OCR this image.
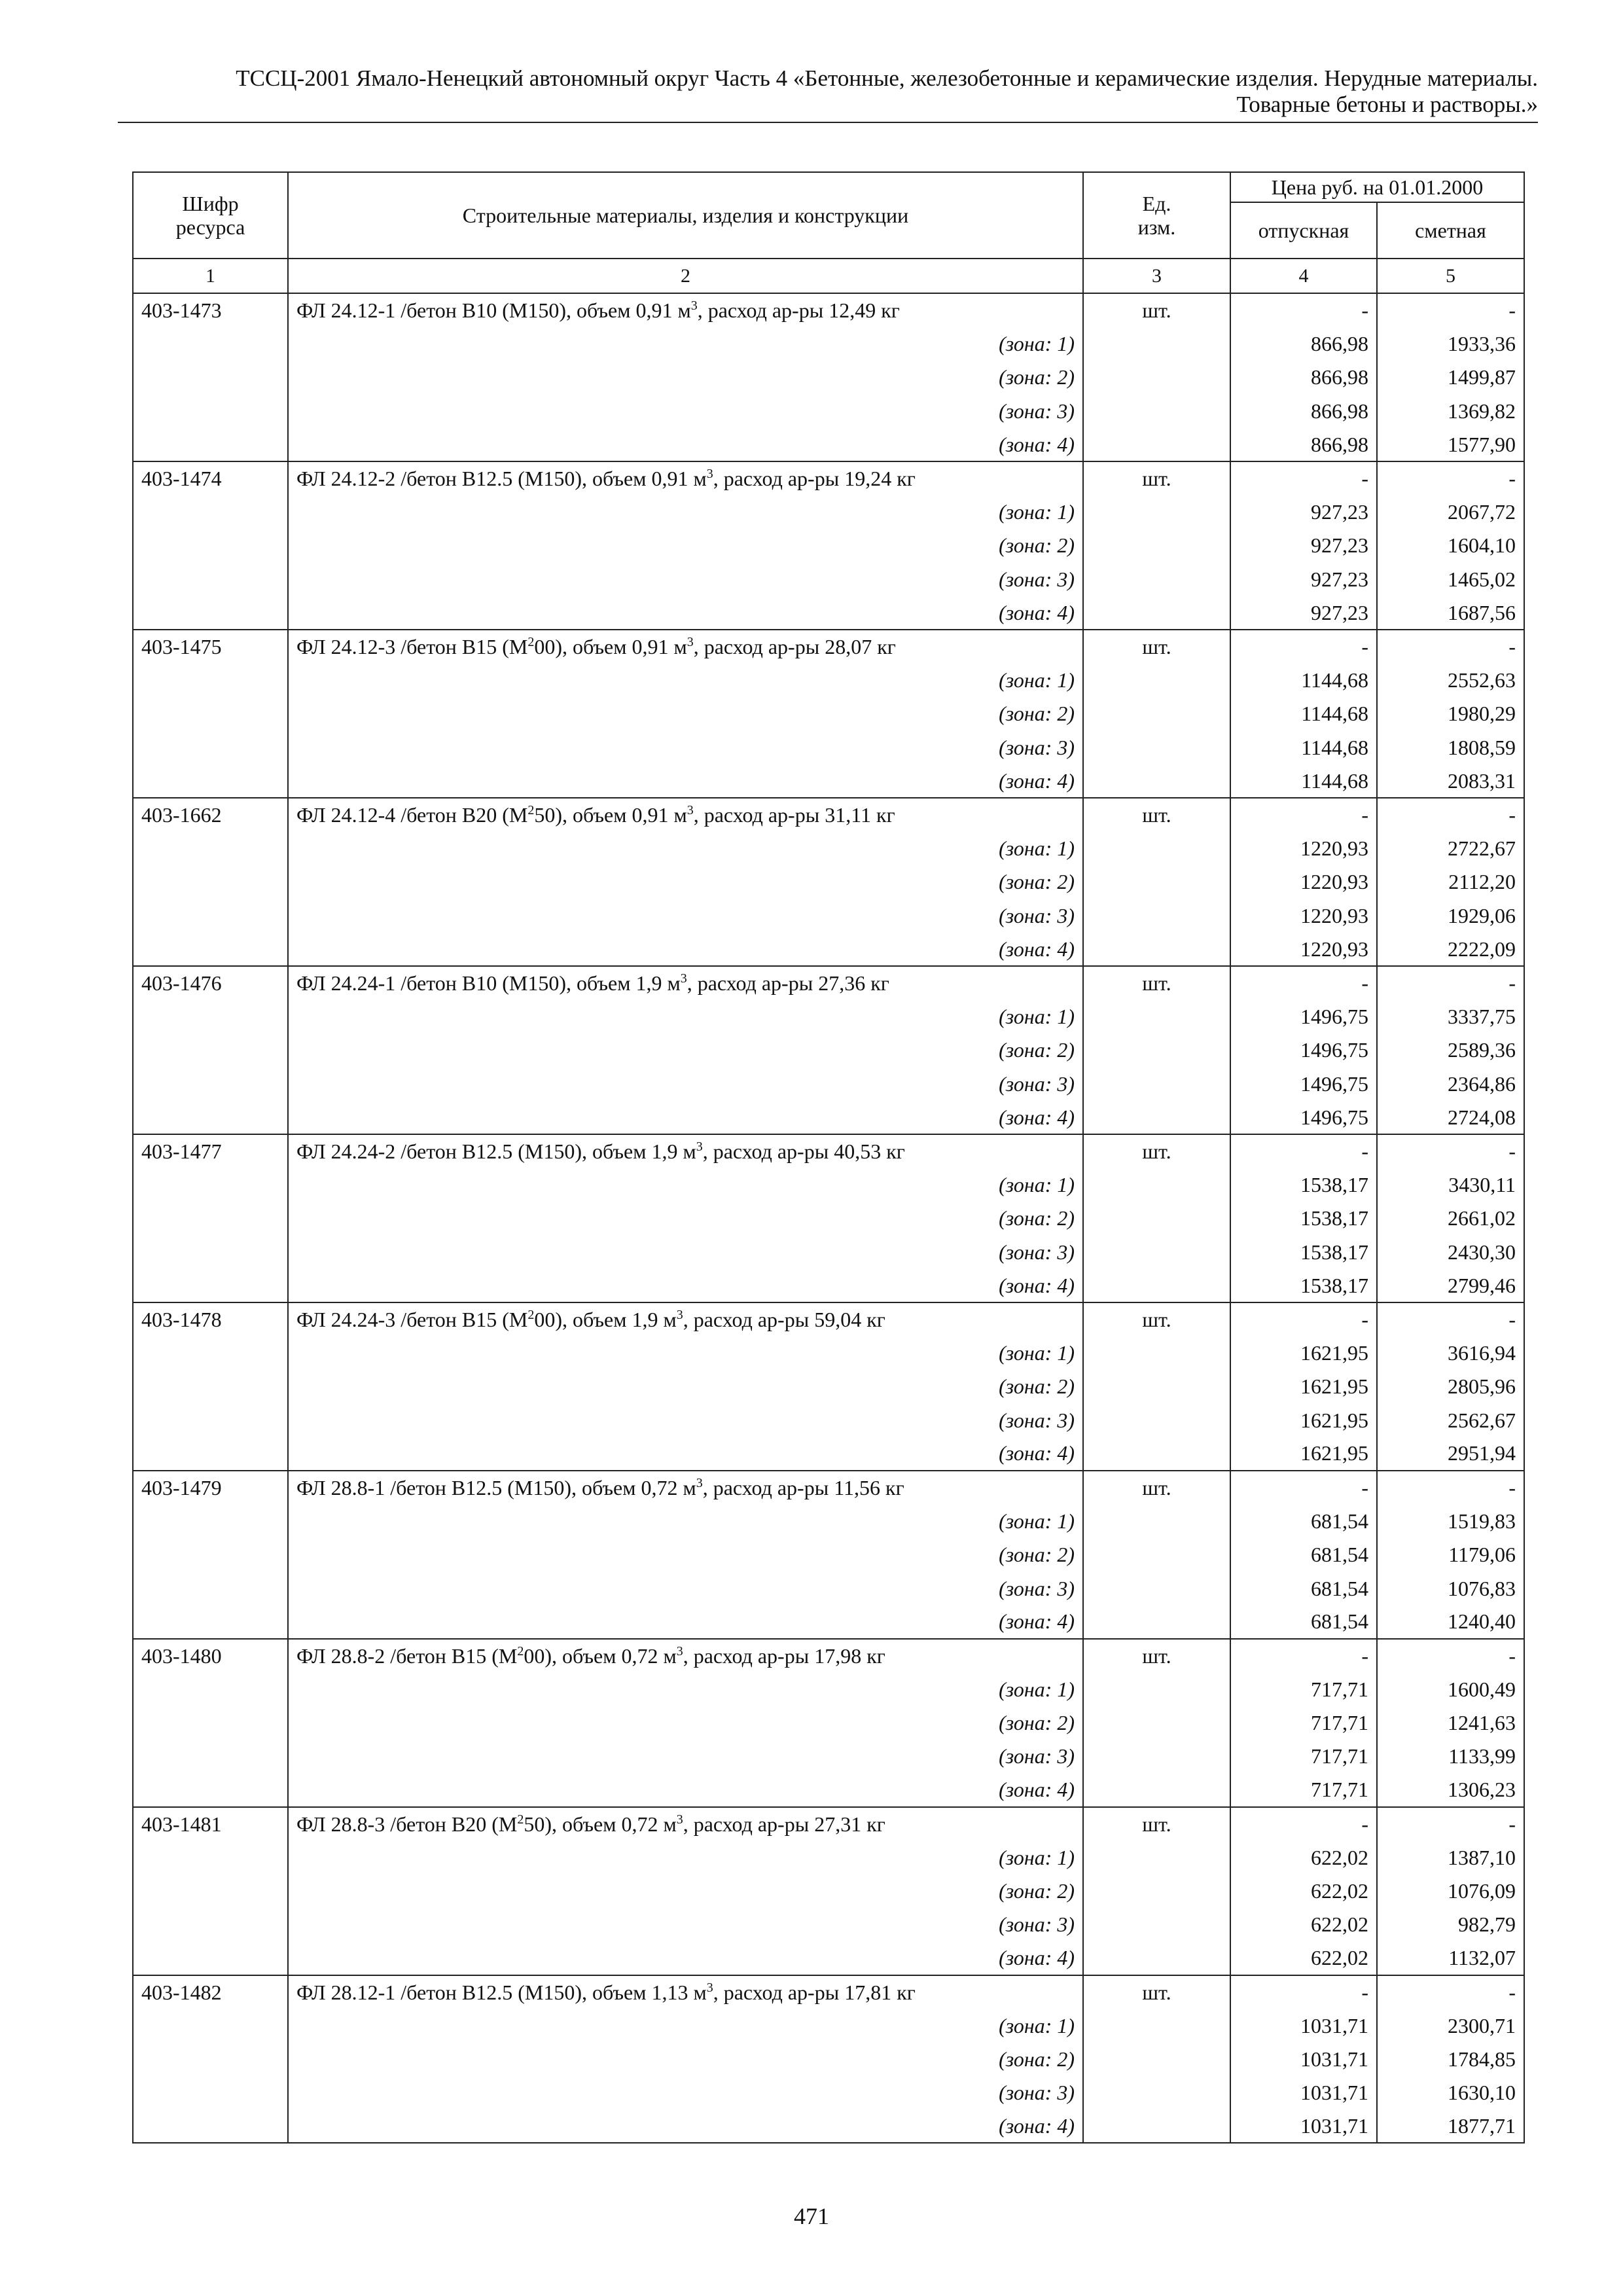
ТССЦ-2001 Ямало-Ненецкий автономный округ Часть 4 «Бетонные, железобетонные и керамические изделия. Нерудные материалы.
Товарные бетоны и растворы.»
Шифр ресурса	Строительные материалы, изделия и конструкции	Ед. изм.	Цена руб. на 01.01.2000	
			отпускная	сметная
1	2	3	4	5
403-1473	ФЛ 24.12-1 /бетон В10 (М150), объем 0,91 $м^3$, расход ар-ры 12,49 кг	шт.	-	-
	(зона: 1)		866,98	1933,36
	(зона: 2)		866,98	1499,87
	(зона: 3)		866,98	1369,82
	(зона: 4)		866,98	1577,90
403-1474	ФЛ 24.12-2 /бетон В12.5 (М150), объем 0,91 $м^3$, расход ар-ры 19,24 кг	шт.	-	-
	(зона: 1)		927,23	2067,72
	(зона: 2)		927,23	1604,10
	(зона: 3)		927,23	1465,02
	(зона: 4)		927,23	1687,56
403-1475	ФЛ 24.12-3 /бетон В15 $(М^200)$, объем 0,91 $м^3$, расход ар-ры 28,07 кг	шт.	-	-
	(зона: 1)		1144,68	2552,63
	(зона: 2)		1144,68	1980,29
	(зона: 3)		1144,68	1808,59
	(зона: 4)		1144,68	2083,31
403-1662	ФЛ 24.12-4 /бетон В20 $(М^250)$, объем 0,91 $м^3$, расход ар-ры 31,11 кг	шт.	-	-
	(зона: 1)		1220,93	2722,67
	(зона: 2)		1220,93	2112,20
	(зона: 3)		1220,93	1929,06
	(зона: 4)		1220,93	2222,09
403-1476	ФЛ 24.24-1 /бетон В10 (М150), объем 1,9 $м^3$, расход ар-ры 27,36 кг	шт.	-	-
	(зона: 1)		1496,75	3337,75
	(зона: 2)		1496,75	2589,36
	(зона: 3)		1496,75	2364,86
	(зона: 4)		1496,75	2724,08
403-1477	ФЛ 24.24-2 /бетон В12.5 (М150), объем 1,9 $м^3$, расход ар-ры 40,53 кг	шт.	-	-
	(зона: 1)		1538,17	3430,11
	(зона: 2)		1538,17	2661,02
	(зона: 3)		1538,17	2430,30
	(зона: 4)		1538,17	2799,46
403-1478	ФЛ 24.24-3 /бетон В15 $(М^200)$, объем 1,9 $м^3$, расход ар-ры 59,04 кг	шт.	-	-
	(зона: 1)		1621,95	3616,94
	(зона: 2)		1621,95	2805,96
	(зона: 3)		1621,95	2562,67
	(зона: 4)		1621,95	2951,94
403-1479	ФЛ 28.8-1 /бетон В12.5 (М150), объем 0,72 $м^3$, расход ар-ры 11,56 кг	шт.	-	-
	(зона: 1)		681,54	1519,83
	(зона: 2)		681,54	1179,06
	(зона: 3)		681,54	1076,83
	(зона: 4)		681,54	1240,40
403-1480	ФЛ 28.8-2 /бетон В15 $(М^200)$, объем 0,72 $м^3$, расход ар-ры 17,98 кг	шт.	-	-
	(зона: 1)		717,71	1600,49
	(зона: 2)		717,71	1241,63
	(зона: 3)		717,71	1133,99
	(зона: 4)		717,71	1306,23
403-1481	ФЛ 28.8-3 /бетон В20 $(М^250)$, объем 0,72 $м^3$, расход ар-ры 27,31 кг	шт.	-	-
	(зона: 1)		622,02	1387,10
	(зона: 2)		622,02	1076,09
	(зона: 3)		622,02	982,79
	(зона: 4)		622,02	1132,07
403-1482	ФЛ 28.12-1 /бетон В12.5 (М150), объем 1,13 $м^3$, расход ар-ры 17,81 кг	шт.	-	-
	(зона: 1)		1031,71	2300,71
	(зона: 2)		1031,71	1784,85
	(зона: 3)		1031,71	1630,10
	(зона: 4)		1031,71	1877,71
471
